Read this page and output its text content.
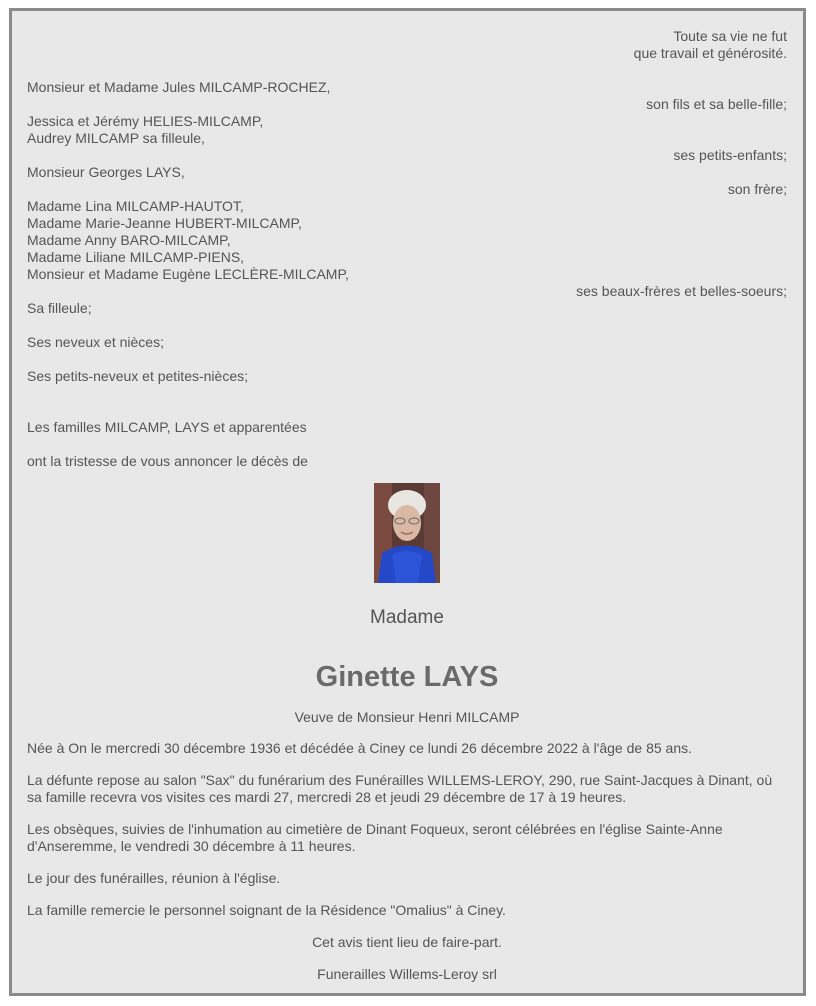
Toute sa vie ne fut
que travail et générosité.
Monsieur et Madame Jules MILCAMP-ROCHEZ,
son fils et sa belle-fille;
Jessica et Jérémy HELIES-MILCAMP,
Audrey MILCAMP sa filleule,
ses petits-enfants;
Monsieur Georges LAYS,
son frère;
Madame Lina MILCAMP-HAUTOT,
Madame Marie-Jeanne HUBERT-MILCAMP,
Madame Anny BARO-MILCAMP,
Madame Liliane MILCAMP-PIENS,
Monsieur et Madame Eugène LECLÈRE-MILCAMP,
ses beaux-frères et belles-soeurs;
Sa filleule;
Ses neveux et nièces;
Ses petits-neveux et petites-nièces;
Les familles MILCAMP, LAYS et apparentées
ont la tristesse de vous annoncer le décès de
Madame
Ginette LAYS
Veuve de Monsieur Henri MILCAMP
Née à On le mercredi 30 décembre 1936 et décédée à Ciney ce lundi 26 décembre 2022 à l'âge de 85 ans.
La défunte repose au salon "Sax" du funérarium des Funérailles WILLEMS-LEROY, 290, rue Saint-Jacques à Dinant, où sa famille recevra vos visites ces mardi 27, mercredi 28 et jeudi 29 décembre de 17 à 19 heures.
Les obsèques, suivies de l'inhumation au cimetière de Dinant Foqueux, seront célébrées en l'église Sainte-Anne d'Anseremme, le vendredi 30 décembre à 11 heures.
Le jour des funérailles, réunion à l'église.
La famille remercie le personnel soignant de la Résidence "Omalius" à Ciney.
Cet avis tient lieu de faire-part.
Funerailles Willems-Leroy srl
